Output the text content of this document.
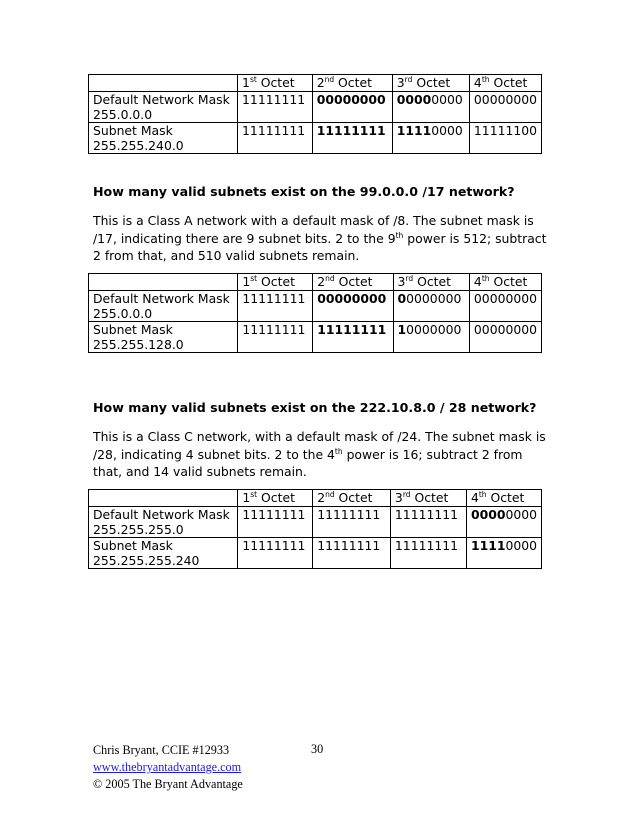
	1st Octet	2nd Octet	3rd Octet	4th Octet
Default Network Mask
255.0.0.0	11111111	00000000	00000000	00000000
Subnet Mask
255.255.240.0	11111111	11111111	11110000	11111100
How many valid subnets exist on the 99.0.0.0 /17 network?
This is a Class A network with a default mask of /8. The subnet mask is /17, indicating there are 9 subnet bits. 2 to the 9th power is 512; subtract 2 from that, and 510 valid subnets remain.
	1st Octet	2nd Octet	3rd Octet	4th Octet
Default Network Mask
255.0.0.0	11111111	00000000	00000000	00000000
Subnet Mask
255.255.128.0	11111111	11111111	10000000	00000000
How many valid subnets exist on the 222.10.8.0 / 28 network?
This is a Class C network, with a default mask of /24. The subnet mask is /28, indicating 4 subnet bits. 2 to the 4th power is 16; subtract 2 from that, and 14 valid subnets remain.
	1st Octet	2nd Octet	3rd Octet	4th Octet
Default Network Mask
255.255.255.0	11111111	11111111	11111111	00000000
Subnet Mask
255.255.255.240	11111111	11111111	11111111	11110000
Chris Bryant, CCIE #12933
www.thebryantadvantage.com
© 2005 The Bryant Advantage
30
